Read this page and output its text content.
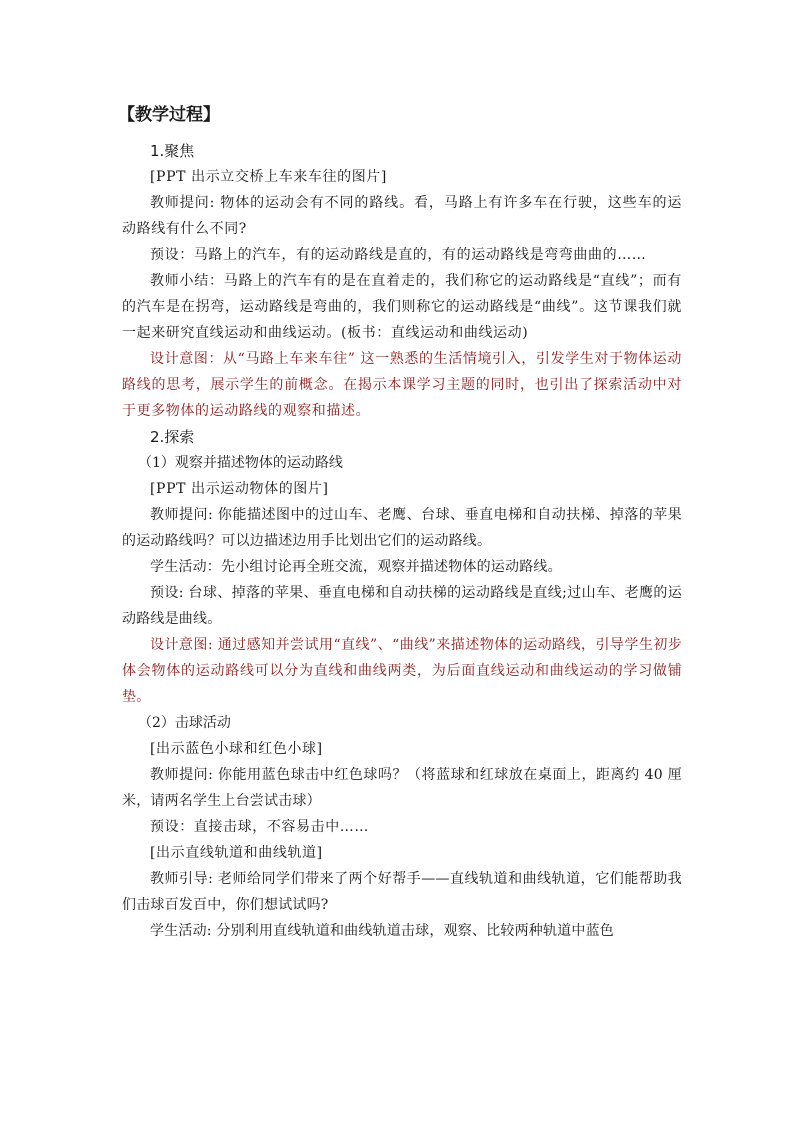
【教学过程】
1.聚焦

[PPT 出示立交桥上车来车往的图片]

教师提问: 物体的运动会有不同的路线。看，马路上有许多车在行驶，这些车的运动路线有什么不同?

预设：马路上的汽车，有的运动路线是直的，有的运动路线是弯弯曲曲的……

教师小结：马路上的汽车有的是在直着走的，我们称它的运动路线是“直线”；而有的汽车是在拐弯，运动路线是弯曲的，我们则称它的运动路线是“曲线”。这节课我们就一起来研究直线运动和曲线运动。(板书：直线运动和曲线运动)

设计意图：从“马路上车来车往” 这一熟悉的生活情境引入，引发学生对于物体运动路线的思考，展示学生的前概念。在揭示本课学习主题的同时，也引出了探索活动中对于更多物体的运动路线的观察和描述。

2.探索
（1）观察并描述物体的运动路线

[PPT 出示运动物体的图片]

教师提问: 你能描述图中的过山车、老鹰、台球、垂直电梯和自动扶梯、掉落的苹果的运动路线吗？可以边描述边用手比划出它们的运动路线。

学生活动：先小组讨论再全班交流，观察并描述物体的运动路线。

预设: 台球、掉落的苹果、垂直电梯和自动扶梯的运动路线是直线;过山车、老鹰的运动路线是曲线。

设计意图: 通过感知并尝试用“直线”、“曲线”来描述物体的运动路线，引导学生初步体会物体的运动路线可以分为直线和曲线两类，为后面直线运动和曲线运动的学习做铺垫。

（2）击球活动

[出示蓝色小球和红色小球]

教师提问: 你能用蓝色球击中红色球吗？（将蓝球和红球放在桌面上，距离约 40 厘米，请两名学生上台尝试击球）

预设：直接击球，不容易击中……

[出示直线轨道和曲线轨道]

教师引导: 老师给同学们带来了两个好帮手——直线轨道和曲线轨道，它们能帮助我们击球百发百中，你们想试试吗?

学生活动: 分别利用直线轨道和曲线轨道击球，观察、比较两种轨道中蓝色
